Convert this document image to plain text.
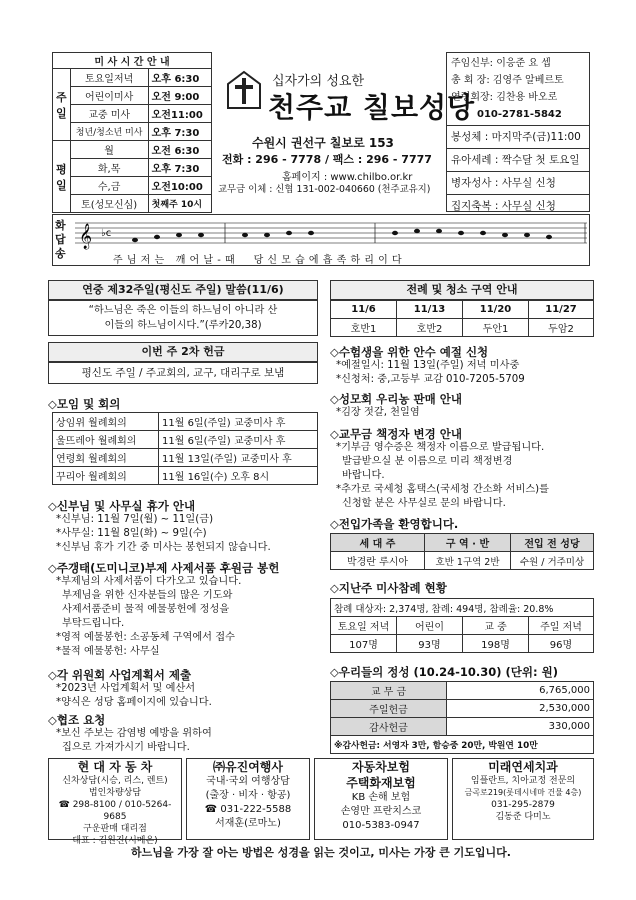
미 사 시 간 안 내		
주일	토요일저녁	오후 6:30
	어린이미사	오전 9:00
	교중 미사	오전11:00
	청년/청소년 미사	오후 7:30
평일	월	오전 6:30
	화,목	오후 7:30
	수,금	오전10:00
	토(성모신심)	첫째주 10시
십자가의 성요한
천주교 칠보성당
수원시 권선구 칠보로 153
전화 : 296 - 7778 / 팩스 : 296 - 7777
홈페이지 : www.chilbo.or.kr
교무금 이체 : 신협 131-002-040660 (천주교유지)
주임신부: 이응준 요 셉
총 회 장: 김영주 알베르토
연령회장: 김찬용 바오로
010-2781-5842
봉성체 : 마지막주(금)11:00
유아세례 : 짝수달 첫 토요일
병자성사 : 사무실 신청
집지축복 : 사무실 신청
화답송
𝄞 ♭c
주 님 저 는   깨 어 날 - 때     당 신 모 습 에 흡 족 하 리 이 다
연중 제32주일(평신도 주일) 말씀(11/6)
“하느님은 죽은 이들의 하느님이 아니라 산
이들의 하느님이시다.”(루카20,38)
이번 주 2차 헌금
평신도 주일 / 주교회의, 교구, 대리구로 보냄
◇모임 및 회의
상임위 월례회의	11월 6일(주일) 교중미사 후
울뜨레아 월례회의	11월 6일(주일) 교중미사 후
연령회 월례회의	11월 13일(주일) 교중미사 후
꾸리아 월례회의	11월 16일(수) 오후 8시
◇신부님 및 사무실 휴가 안내
*신부님: 11월 7일(월) ~ 11일(금)
*사무실: 11월 8일(화) ~ 9일(수)
*신부님 휴가 기간 중 미사는 봉헌되지 않습니다.
◇주갱태(도미니코)부제 사제서품 후원금 봉헌
*부제님의 사제서품이 다가오고 있습니다.
부제님을 위한 신자분들의 많은 기도와
사제서품준비 물적 예물봉헌에 정성을
부탁드립니다.
*영적 예물봉헌: 소공동체 구역에서 접수
*물적 예물봉헌: 사무실
◇각 위원회 사업계획서 제출
*2023년 사업계획서 및 예산서
*양식은 성당 홈페이지에 있습니다.
◇협조 요청
*보신 주보는 감염병 예방을 위하여
집으로 가져가시기 바랍니다.
전례 및 청소 구역 안내
11/6	11/13	11/20	11/27
호반1	호반2	두안1	두암2
◇수험생을 위한 안수 예절 신청
*예절일시: 11월 13일(주일) 저녁 미사중
*신청처: 중,고등부 교감 010-7205-5709
◇성모회 우리농 판매 안내
*김장 젓갈, 천일염
◇교무금 책정자 변경 안내
*기부금 영수증은 책정자 이름으로 발급됩니다.
발급받으실 분 이름으로 미리 책정변경
바랍니다.
*추가로 국세청 홈택스(국세청 간소화 서비스)를
신청할 분은 사무실로 문의 바랍니다.
◇전입가족을 환영합니다.
세 대 주	구 역 · 반	전입 전 성당
박경란 루시아	호반 1구역 2반	수원 / 거주미상
◇지난주 미사참례 현황
참례 대상자: 2,374명, 참례: 494명, 참례율: 20.8%			
토요일 저녁	어린이	교 중	주일 저녁
107명	93명	198명	96명
◇우리들의 정성 (10.24-10.30) (단위: 원)
교 무 금	6,765,000
주일헌금	2,530,000
감사헌금	330,000
※감사헌금: 서영자 3만, 함승중 20만, 박원연 10만	
현 대 자 동 차
신차상담(시승, 리스, 렌트)
법인차량상담
☎ 298-8100 / 010-5264-9685
구운판매 대리점
대표 : 김원진(시메온)
㈜유진여행사
국내·국외 여행상담
(출장 · 비자 · 항공)
☎ 031-222-5588
서재훈(로마노)
자동차보험
주택화재보험
KB 손해 보험
손영만 프란치스코
010-5383-0947
미래연세치과
임플란트, 치아교정 전문의
금곡로219(롯데시네마 건물 4층)
031-295-2879
김동준 다미노
하느님을 가장 잘 아는 방법은 성경을 읽는 것이고, 미사는 가장 큰 기도입니다.
